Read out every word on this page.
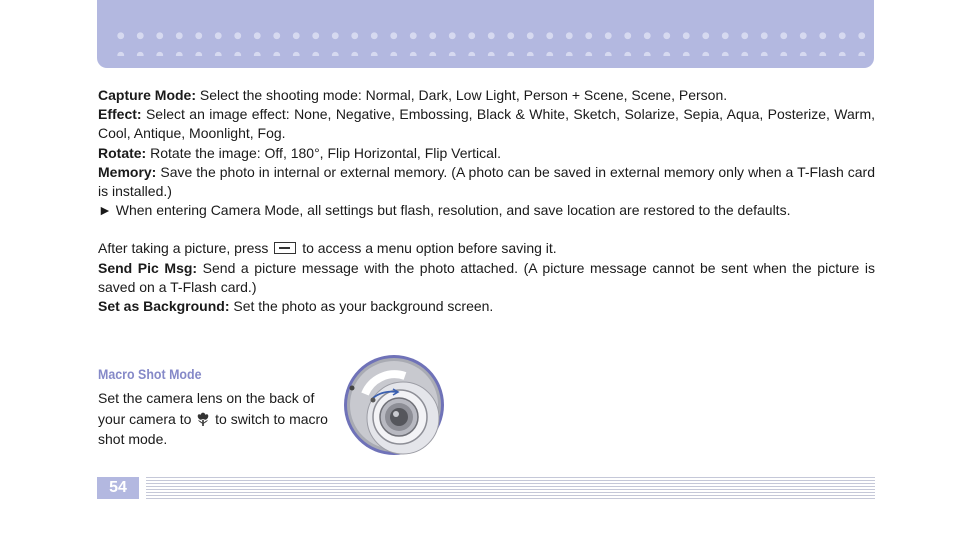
Capture Mode: Select the shooting mode: Normal, Dark, Low Light, Person + Scene, Scene, Person.

Effect: Select an image effect: None, Negative, Embossing, Black & White, Sketch, Solarize, Sepia, Aqua, Posterize, Warm, Cool, Antique, Moonlight, Fog.

Rotate: Rotate the image: Off, 180°, Flip Horizontal, Flip Vertical.

Memory: Save the photo in internal or external memory. (A photo can be saved in external memory only when a T-Flash card is installed.)

► When entering Camera Mode, all settings but flash, resolution, and save location are restored to the defaults.

After taking a picture, press  to access a menu option before saving it.

Send Pic Msg: Send a picture message with the photo attached. (A picture message cannot be sent when the picture is saved on a T-Flash card.)

Set as Background: Set the photo as your background screen.

Macro Shot Mode
Set the camera lens on the back of your camera to  to switch to macro shot mode.
54
